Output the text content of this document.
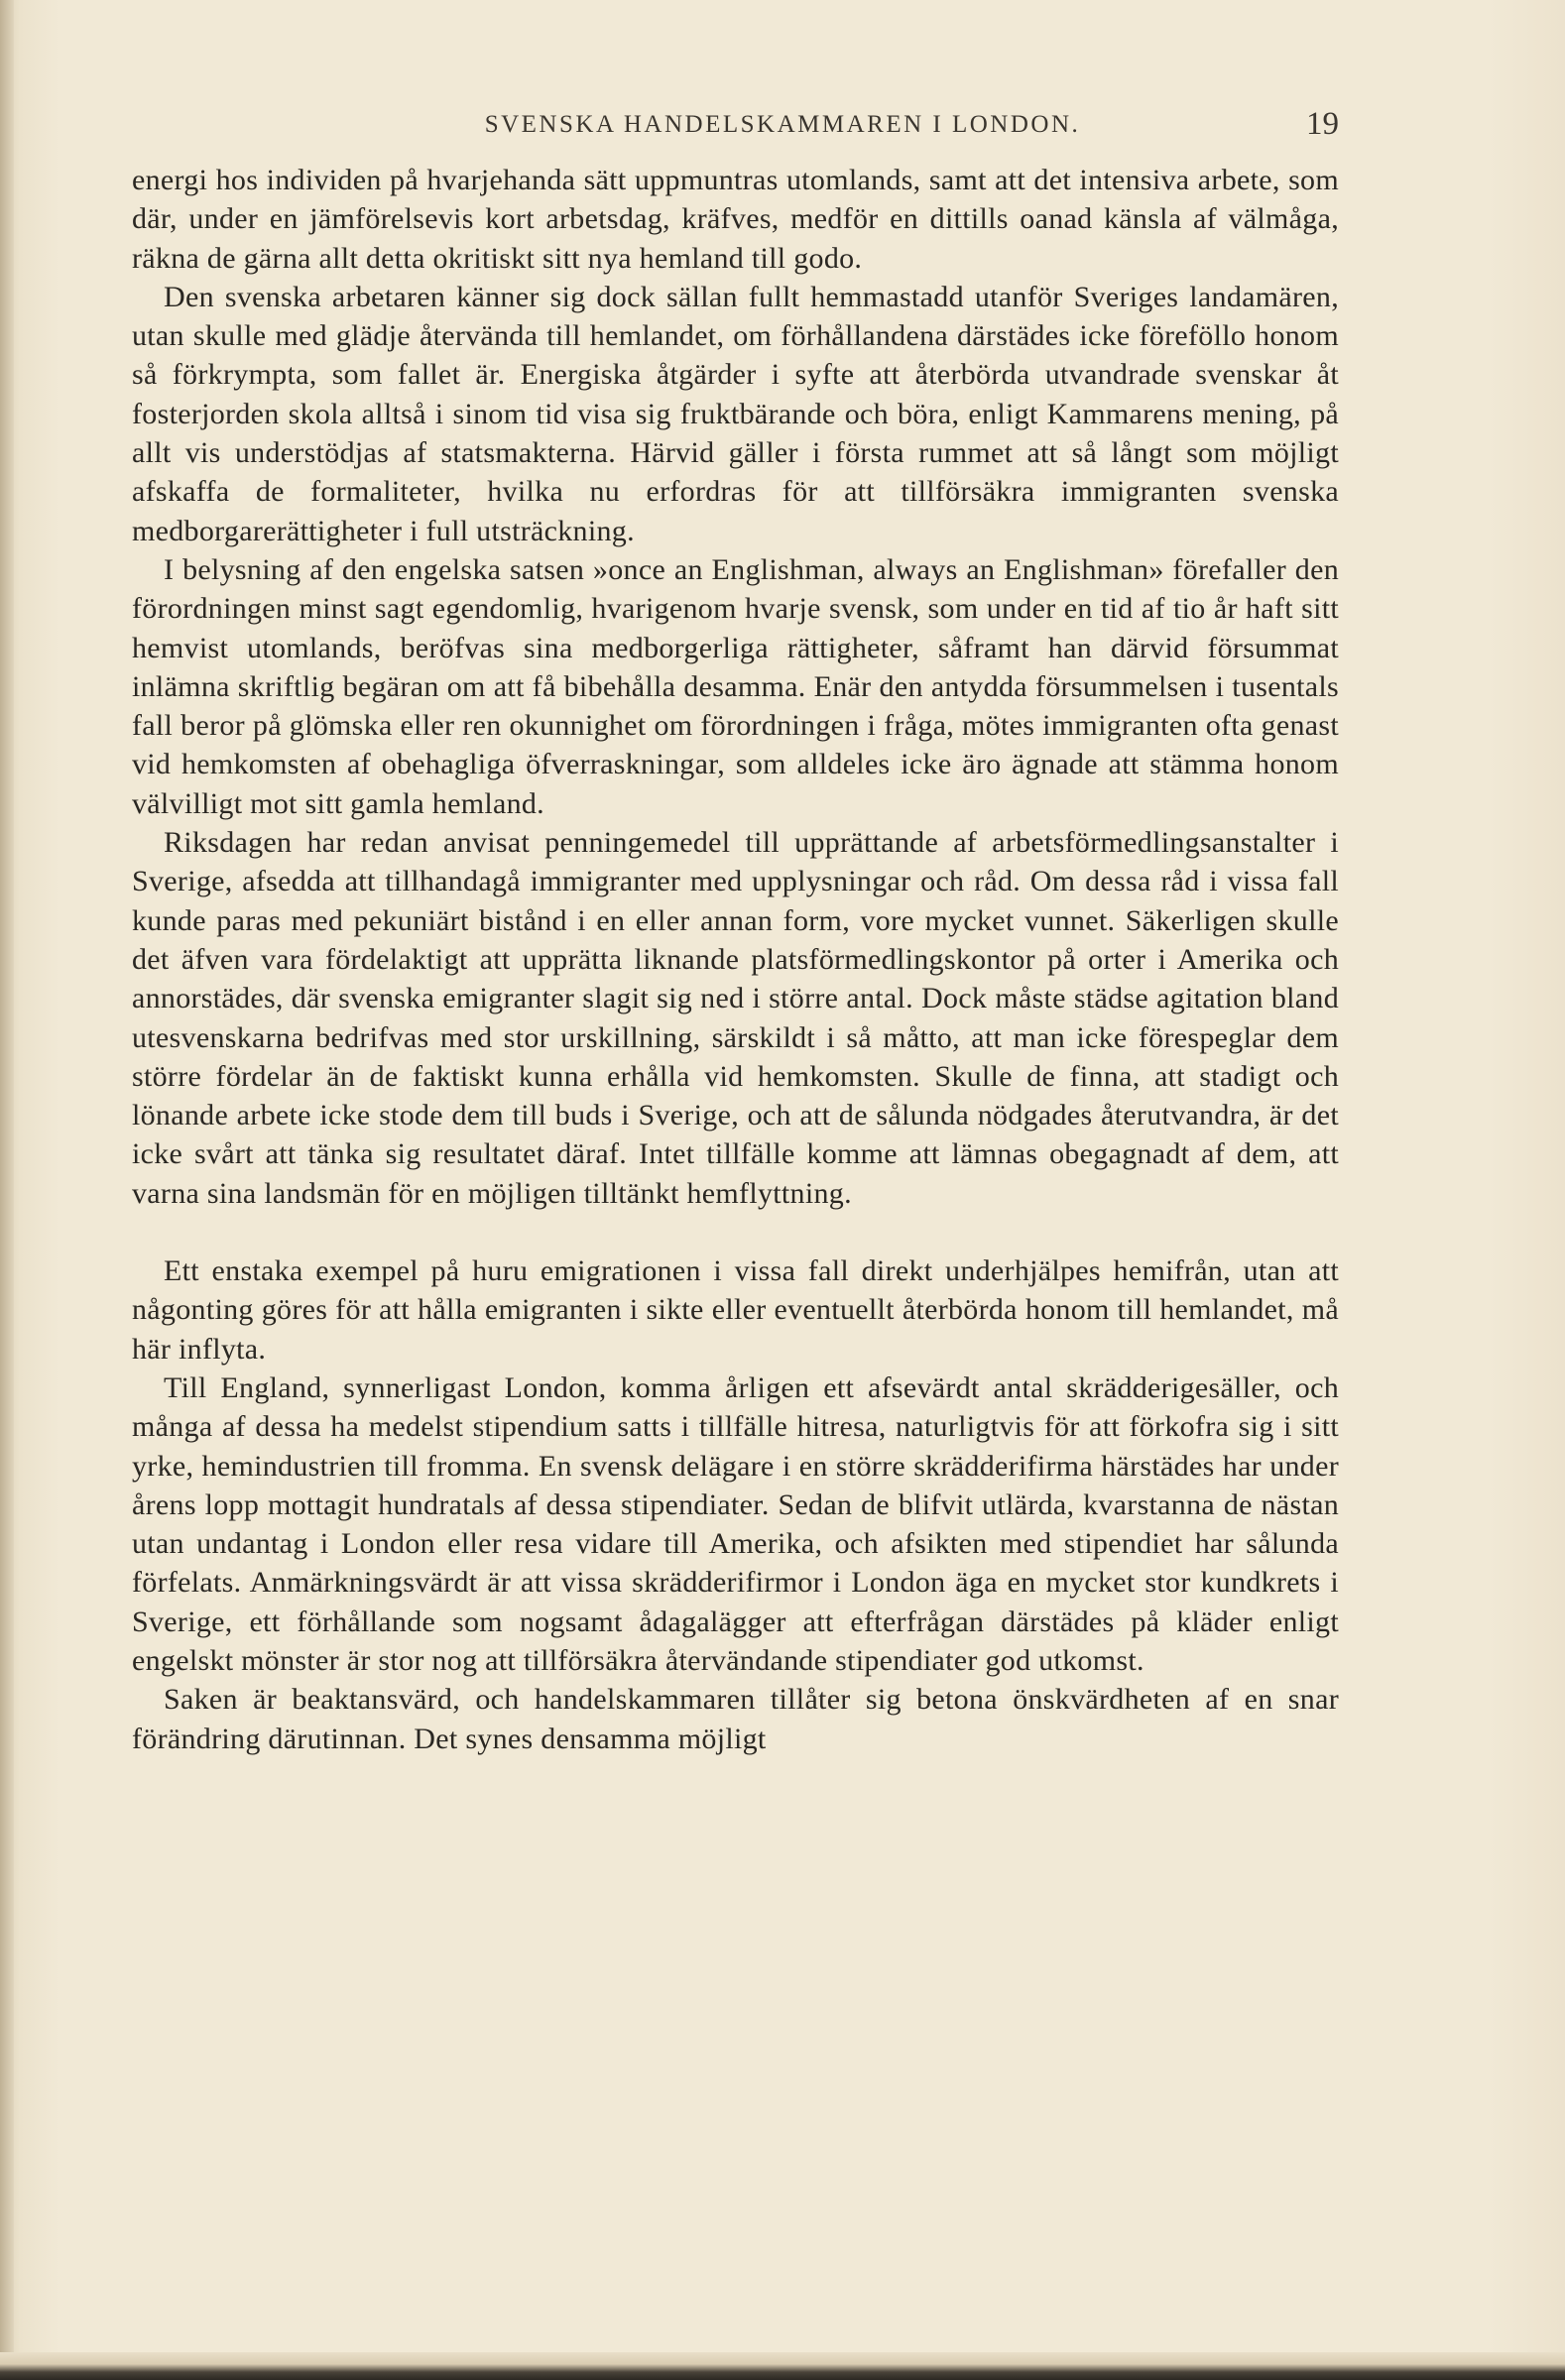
SVENSKA HANDELSKAMMAREN I LONDON.	19

energi hos individen på hvarjehanda sätt uppmuntras utomlands, samt att det intensiva arbete, som där, under en jämförelsevis kort arbetsdag, kräfves, medför en dittills oanad känsla af välmåga, räkna de gärna allt detta okritiskt sitt nya hemland till godo.

Den svenska arbetaren känner sig dock sällan fullt hemmastadd utanför Sveriges landamären, utan skulle med glädje återvända till hemlandet, om förhållandena därstädes icke föreföllo honom så förkrympta, som fallet är. Energiska åtgärder i syfte att återbörda utvandrade svenskar åt fosterjorden skola alltså i sinom tid visa sig fruktbärande och böra, enligt Kammarens mening, på allt vis understödjas af statsmakterna. Härvid gäller i första rummet att så långt som möjligt afskaffa de formaliteter, hvilka nu erfordras för att tillförsäkra immigranten svenska medborgarerättigheter i full utsträckning.

I belysning af den engelska satsen »once an Englishman, always an Englishman» förefaller den förordningen minst sagt egendomlig, hvarigenom hvarje svensk, som under en tid af tio år haft sitt hemvist utomlands, beröfvas sina medborgerliga rättigheter, såframt han därvid försummat inlämna skriftlig begäran om att få bibehålla desamma. Enär den antydda försummelsen i tusentals fall beror på glömska eller ren okunnighet om förordningen i fråga, mötes immigranten ofta genast vid hemkomsten af obehagliga öfverraskningar, som alldeles icke äro ägnade att stämma honom välvilligt mot sitt gamla hemland.

Riksdagen har redan anvisat penningemedel till upprättande af arbetsförmedlingsanstalter i Sverige, afsedda att tillhandagå immigranter med upplysningar och råd. Om dessa råd i vissa fall kunde paras med pekuniärt bistånd i en eller annan form, vore mycket vunnet. Säkerligen skulle det äfven vara fördelaktigt att upprätta liknande platsförmedlingskontor på orter i Amerika och annorstädes, där svenska emigranter slagit sig ned i större antal. Dock måste städse agitation bland utesvenskarna bedrifvas med stor urskillning, särskildt i så måtto, att man icke förespeglar dem större fördelar än de faktiskt kunna erhålla vid hemkomsten. Skulle de finna, att stadigt och lönande arbete icke stode dem till buds i Sverige, och att de sålunda nödgades återutvandra, är det icke svårt att tänka sig resultatet däraf. Intet tillfälle komme att lämnas obegagnadt af dem, att varna sina landsmän för en möjligen tilltänkt hemflyttning.

Ett enstaka exempel på huru emigrationen i vissa fall direkt underhjälpes hemifrån, utan att någonting göres för att hålla emigranten i sikte eller eventuellt återbörda honom till hemlandet, må här inflyta.

Till England, synnerligast London, komma årligen ett afsevärdt antal skrädderigesäller, och många af dessa ha medelst stipendium satts i tillfälle hitresa, naturligtvis för att förkofra sig i sitt yrke, hemindustrien till fromma. En svensk delägare i en större skrädderifirma härstädes har under årens lopp mottagit hundratals af dessa stipendiater. Sedan de blifvit utlärda, kvarstanna de nästan utan undantag i London eller resa vidare till Amerika, och afsikten med stipendiet har sålunda förfelats. Anmärkningsvärdt är att vissa skrädderifirmor i London äga en mycket stor kundkrets i Sverige, ett förhållande som nogsamt ådagalägger att efterfrågan därstädes på kläder enligt engelskt mönster är stor nog att tillförsäkra återvändande stipendiater god utkomst.

Saken är beaktansvärd, och handelskammaren tillåter sig betona önskvärdheten af en snar förändring därutinnan. Det synes densamma möjligt
